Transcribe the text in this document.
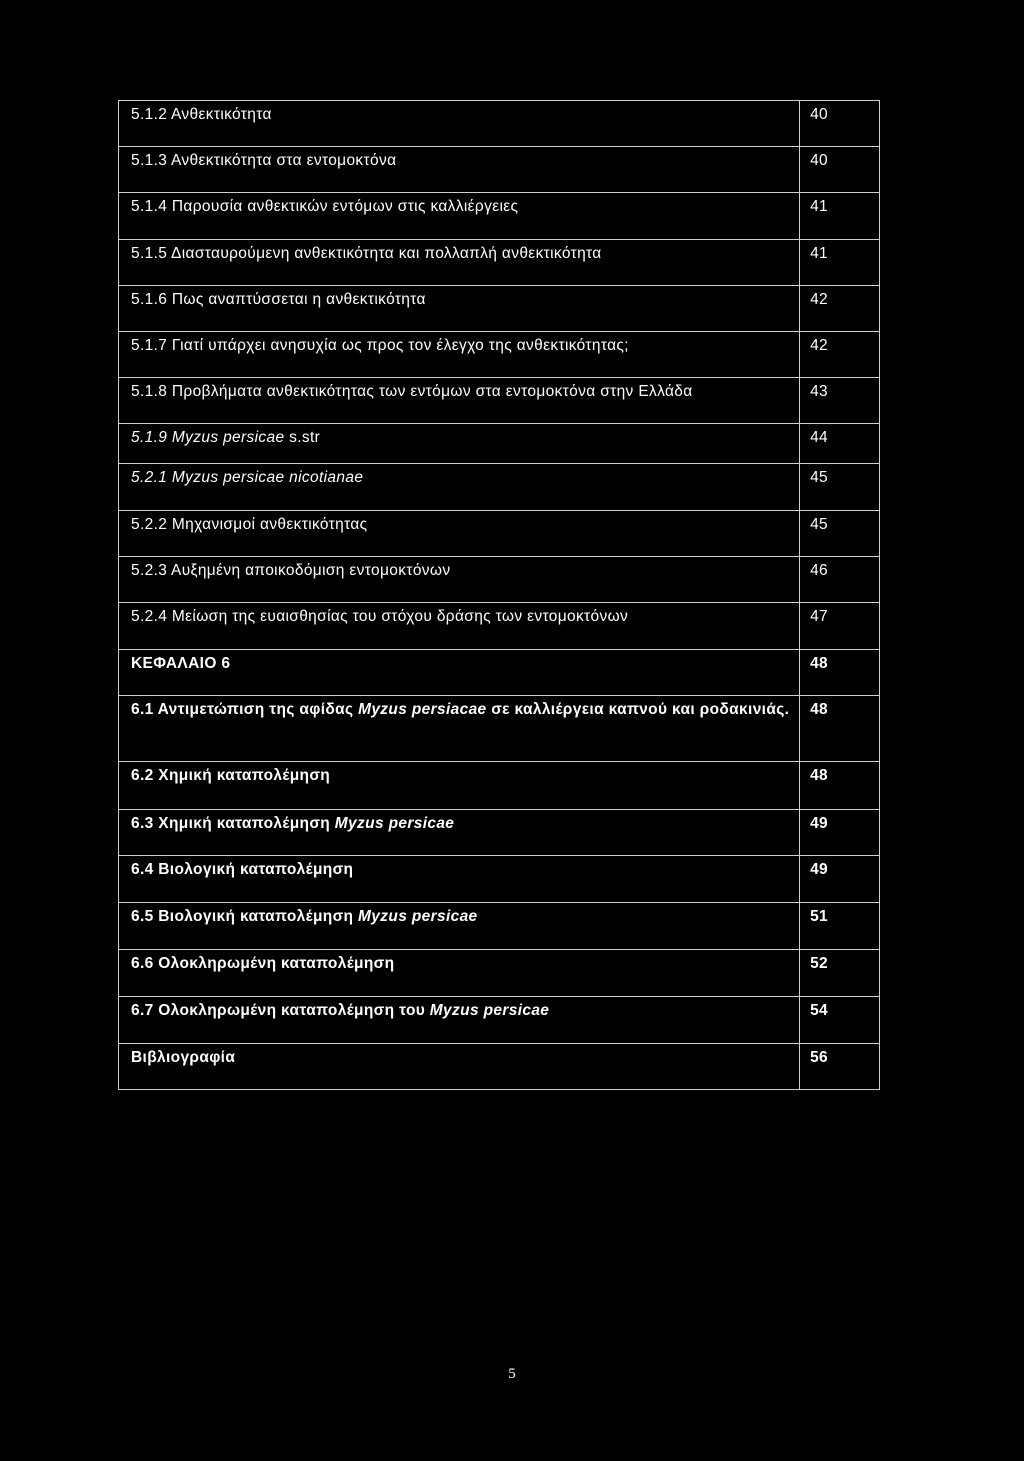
5.1.2 Ανθεκτικότητα	40
5.1.3 Ανθεκτικότητα στα εντομοκτόνα	40
5.1.4 Παρουσία ανθεκτικών εντόμων στις καλλιέργειες	41
5.1.5 Διασταυρούμενη ανθεκτικότητα και πολλαπλή ανθεκτικότητα	41
5.1.6 Πως αναπτύσσεται η ανθεκτικότητα	42
5.1.7 Γιατί υπάρχει ανησυχία ως προς τον έλεγχο της ανθεκτικότητας;	42
5.1.8 Προβλήματα ανθεκτικότητας των εντόμων στα εντομοκτόνα στην Ελλάδα	43
5.1.9 Myzus persicae s.str	44
5.2.1 Myzus persicae nicotianae	45
5.2.2 Μηχανισμοί ανθεκτικότητας	45
5.2.3 Αυξημένη αποικοδόμιση εντομοκτόνων	46
5.2.4 Μείωση της ευαισθησίας του στόχου δράσης των εντομοκτόνων	47
ΚΕΦΑΛΑΙΟ 6	48
6.1 Αντιμετώπιση της αφίδας Myzus persiacae σε καλλιέργεια καπνού και ροδακινιάς.	48
6.2 Χημική καταπολέμηση	48
6.3 Χημική καταπολέμηση Myzus persicae	49
6.4 Βιολογική καταπολέμηση	49
6.5 Βιολογική καταπολέμηση Myzus persicae	51
6.6 Ολοκληρωμένη καταπολέμηση	52
6.7 Ολοκληρωμένη καταπολέμηση του Myzus persicae	54
Βιβλιογραφία	56
5
